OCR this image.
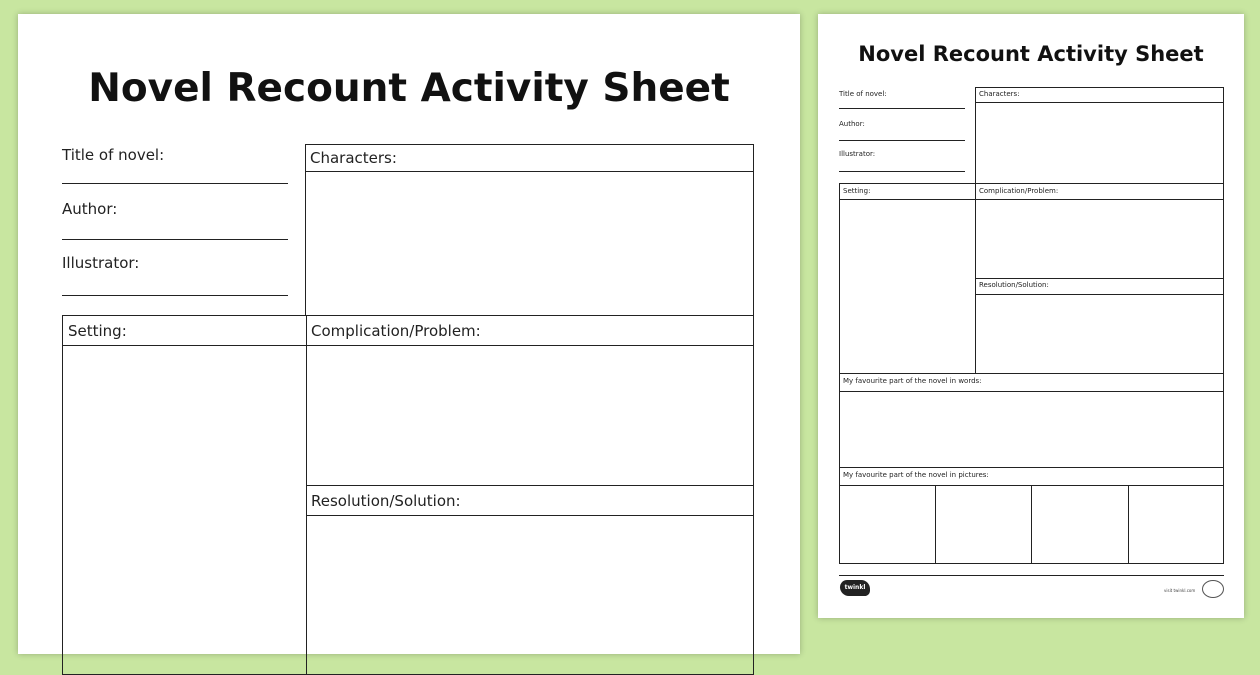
Novel Recount Activity Sheet
Title of novel:
Author:
Illustrator:
Characters:
Setting:	Complication/Problem:
Resolution/Solution:
Novel Recount Activity Sheet
Title of novel:
Author:
Illustrator:
Characters:
Setting:	Complication/Problem:
Resolution/Solution:
My favourite part of the novel in words:
My favourite part of the novel in pictures:
twinkl	visit twinkl.com
